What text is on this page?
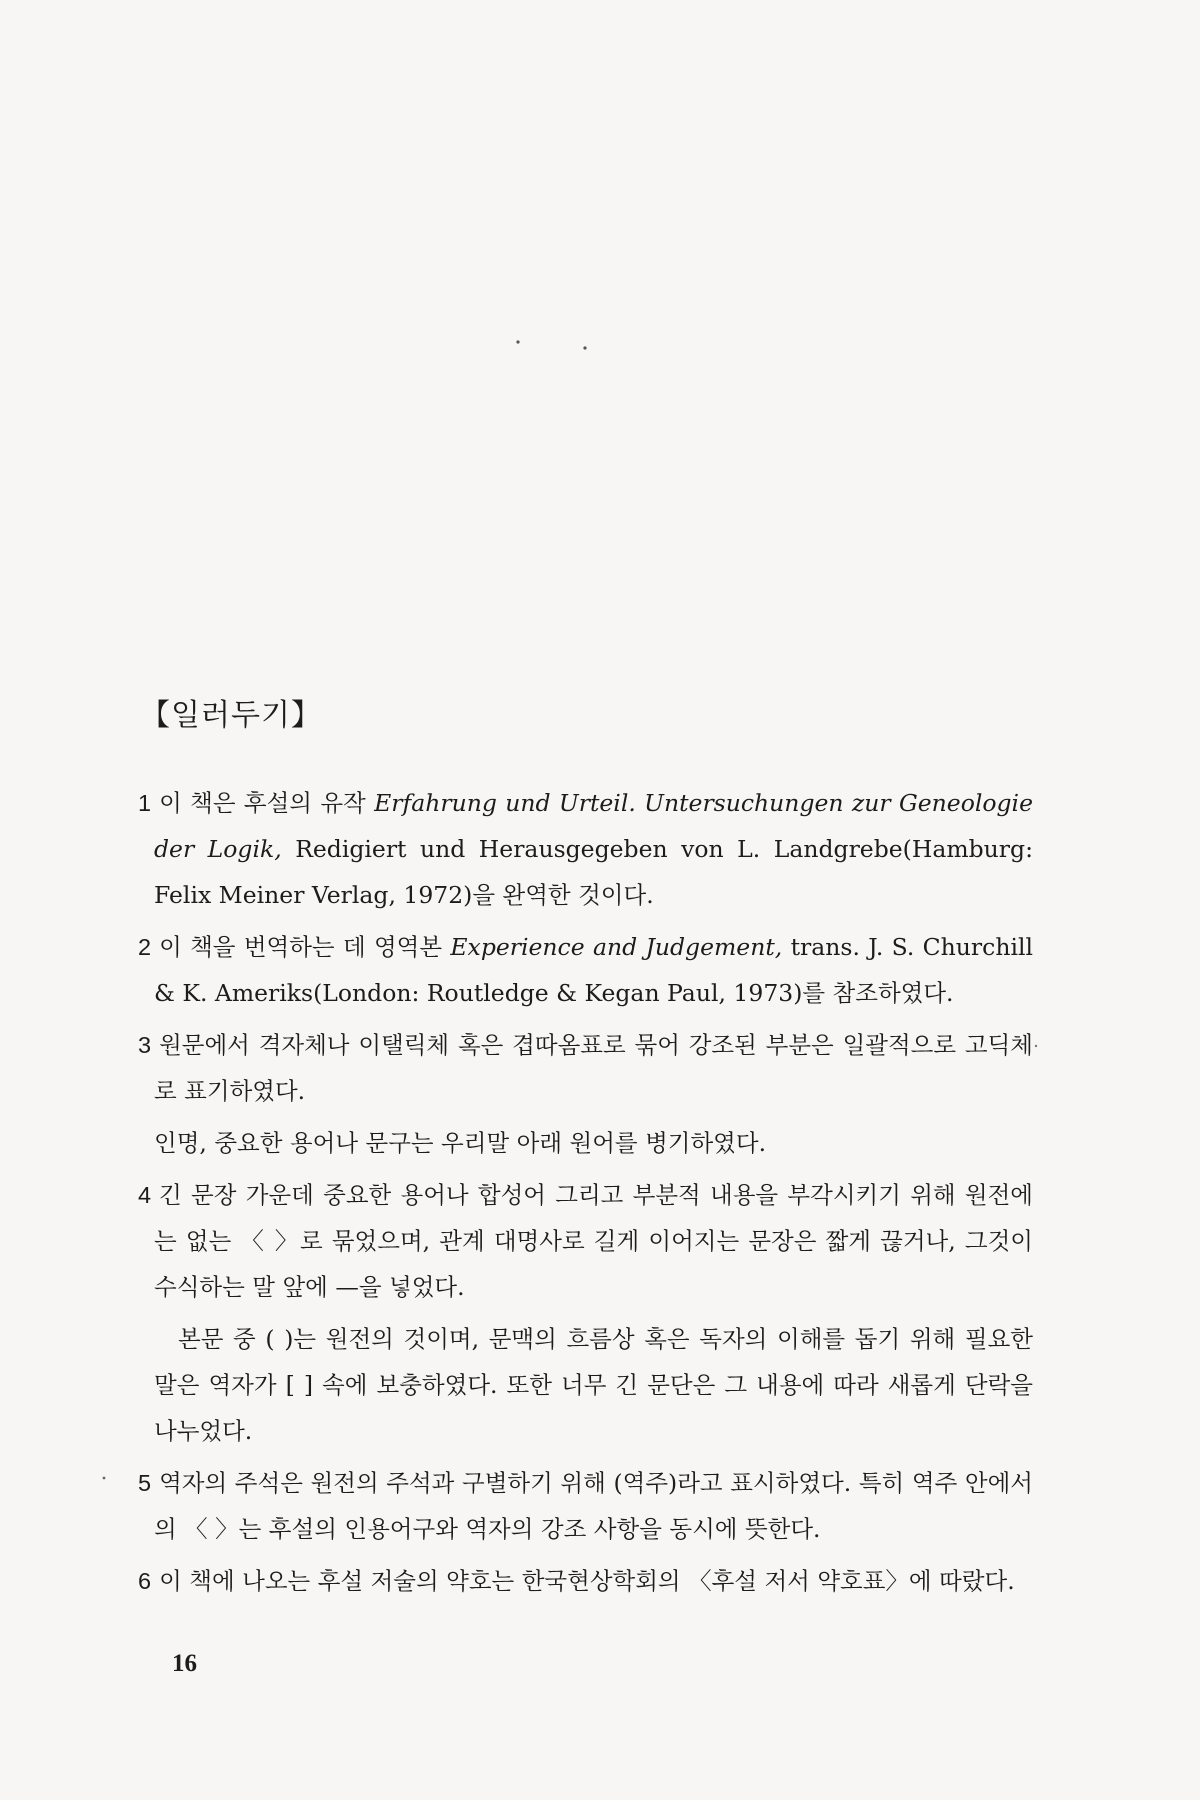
【일러두기】

1 이 책은 후설의 유작 Erfahrung und Urteil. Untersuchungen zur Geneologie der Logik, Redigiert und Herausgegeben von L. Landgrebe(Hamburg: Felix Meiner Verlag, 1972)을 완역한 것이다.

2 이 책을 번역하는 데 영역본 Experience and Judgement, trans. J. S. Churchill & K. Ameriks(London: Routledge & Kegan Paul, 1973)를 참조하였다.

3 원문에서 격자체나 이탤릭체 혹은 겹따옴표로 묶어 강조된 부분은 일괄적으로 고딕체로 표기하였다.

인명, 중요한 용어나 문구는 우리말 아래 원어를 병기하였다.

4 긴 문장 가운데 중요한 용어나 합성어 그리고 부분적 내용을 부각시키기 위해 원전에는 없는 〈 〉로 묶었으며, 관계 대명사로 길게 이어지는 문장은 짧게 끊거나, 그것이 수식하는 말 앞에 —을 넣었다.

본문 중 ( )는 원전의 것이며, 문맥의 흐름상 혹은 독자의 이해를 돕기 위해 필요한 말은 역자가 [ ] 속에 보충하였다. 또한 너무 긴 문단은 그 내용에 따라 새롭게 단락을 나누었다.

5 역자의 주석은 원전의 주석과 구별하기 위해 (역주)라고 표시하였다. 특히 역주 안에서의 〈 〉는 후설의 인용어구와 역자의 강조 사항을 동시에 뜻한다.

6 이 책에 나오는 후설 저술의 약호는 한국현상학회의 〈후설 저서 약호표〉에 따랐다.

16
